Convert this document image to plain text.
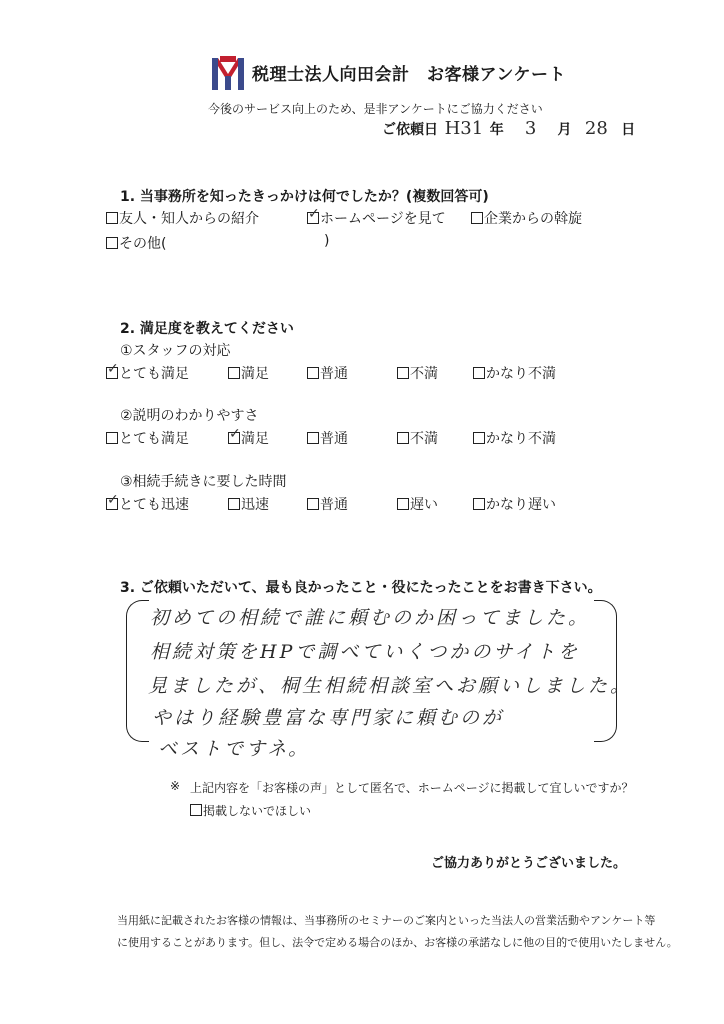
税理士法人向田会計　お客様アンケート
今後のサービス向上のため、是非アンケートにご協力ください
ご依頼日 H31 年 3 月 28 日
1. 当事務所を知ったきっかけは何でしたか？(複数回答可)
友人・知人からの紹介 ✓	ホームページを見て	企業からの斡旋
その他(	)
2. 満足度を教えてください
①スタッフの対応
✓とても満足	満足	普通	不満	かなり不満
②説明のわかりやすさ
とても満足 ✓	満足	普通	不満	かなり不満
③相続手続きに要した時間
✓とても迅速	迅速	普通	遅い	かなり遅い
3. ご依頼いただいて、最も良かったこと・役にたったことをお書き下さい。
初めての相続で誰に頼むのか困ってました。
相続対策をHPで調べていくつかのサイトを
見ましたが、桐生相続相談室へお願いしました。
やはり経験豊富な専門家に頼むのが
ベストですネ。
※ 上記内容を「お客様の声」として匿名で、ホームページに掲載して宜しいですか？
掲載しないでほしい
ご協力ありがとうございました。
当用紙に記載されたお客様の情報は、当事務所のセミナーのご案内といった当法人の営業活動やアンケート等
に使用することがあります。但し、法令で定める場合のほか、お客様の承諾なしに他の目的で使用いたしません。
